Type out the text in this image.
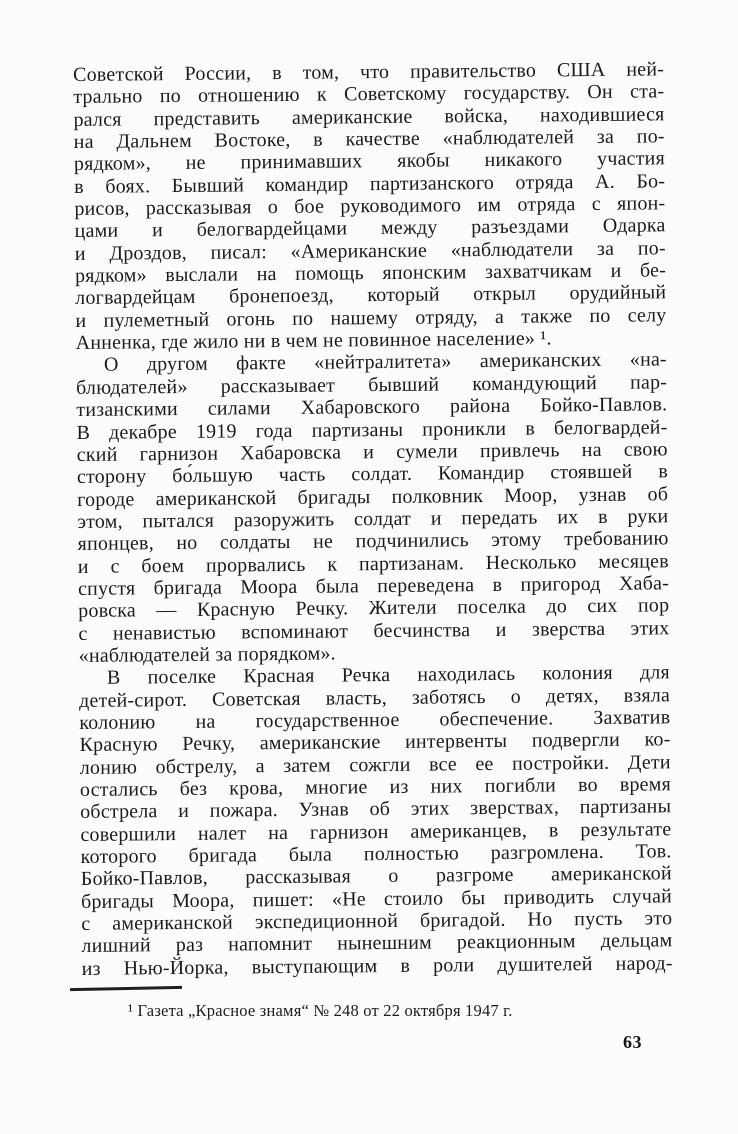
Советской России, в том, что правительство США ней-
трально по отношению к Советскому государству. Он ста-
рался представить американские войска, находившиеся
на Дальнем Востоке, в качестве «наблюдателей за по-
рядком», не принимавших якобы никакого участия
в боях. Бывший командир партизанского отряда А. Бо-
рисов, рассказывая о бое руководимого им отряда с япон-
цами и белогвардейцами между разъездами Одарка
и Дроздов, писал: «Американские «наблюдатели за по-
рядком» выслали на помощь японским захватчикам и бе-
логвардейцам бронепоезд, который открыл орудийный
и пулеметный огонь по нашему отряду, а также по селу
Анненка, где жило ни в чем не повинное население» ¹.
О другом факте «нейтралитета» американских «на-
блюдателей» рассказывает бывший командующий пар-
тизанскими силами Хабаровского района Бойко-Павлов.
В декабре 1919 года партизаны проникли в белогвардей-
ский гарнизон Хабаровска и сумели привлечь на свою
сторону бо́льшую часть солдат. Командир стоявшей в
городе американской бригады полковник Моор, узнав об
этом, пытался разоружить солдат и передать их в руки
японцев, но солдаты не подчинились этому требованию
и с боем прорвались к партизанам. Несколько месяцев
спустя бригада Моора была переведена в пригород Хаба-
ровска — Красную Речку. Жители поселка до сих пор
с ненавистью вспоминают бесчинства и зверства этих
«наблюдателей за порядком».
В поселке Красная Речка находилась колония для
детей-сирот. Советская власть, заботясь о детях, взяла
колонию на государственное обеспечение. Захватив
Красную Речку, американские интервенты подвергли ко-
лонию обстрелу, а затем сожгли все ее постройки. Дети
остались без крова, многие из них погибли во время
обстрела и пожара. Узнав об этих зверствах, партизаны
совершили налет на гарнизон американцев, в результате
которого бригада была полностью разгромлена. Тов.
Бойко-Павлов, рассказывая о разгроме американской
бригады Моора, пишет: «Не стоило бы приводить случай
с американской экспедиционной бригадой. Но пусть это
лишний раз напомнит нынешним реакционным дельцам
из Нью-Йорка, выступающим в роли душителей народ-
¹ Газета „Красное знамя“ № 248 от 22 октября 1947 г.
63
